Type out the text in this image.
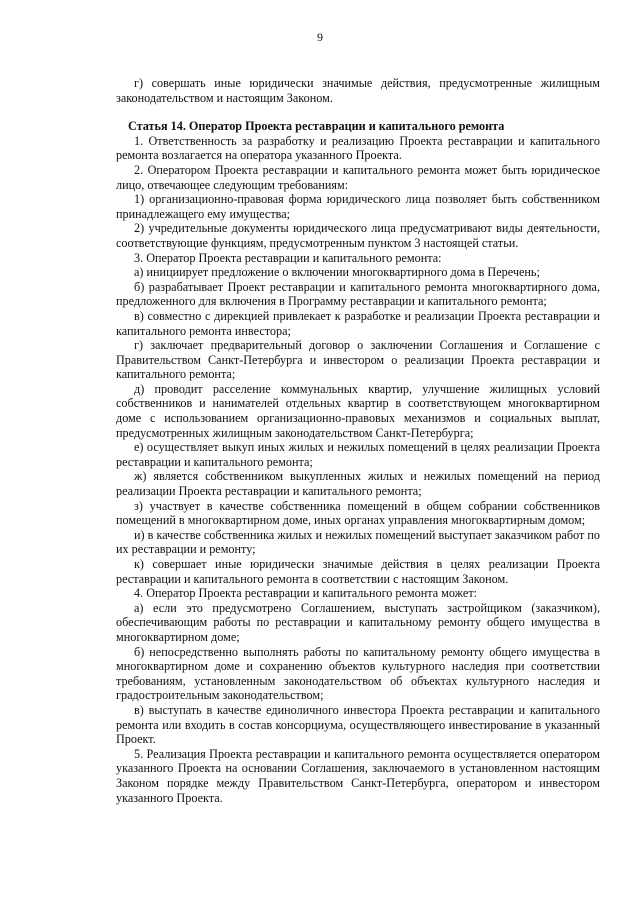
9

г) совершать иные юридически значимые действия, предусмотренные жилищным законодательством и настоящим Законом.

Статья 14. Оператор Проекта реставрации и капитального ремонта

1. Ответственность за разработку и реализацию Проекта реставрации и капитального ремонта возлагается на оператора указанного Проекта.

2. Оператором Проекта реставрации и капитального ремонта может быть юридическое лицо, отвечающее следующим требованиям:

1) организационно-правовая форма юридического лица позволяет быть собственником принадлежащего ему имущества;

2) учредительные документы юридического лица предусматривают виды деятельности, соответствующие функциям, предусмотренным пунктом 3 настоящей статьи.

3. Оператор Проекта реставрации и капитального ремонта:

а) инициирует предложение о включении многоквартирного дома в Перечень;

б) разрабатывает Проект реставрации и капитального ремонта многоквартирного дома, предложенного для включения в Программу реставрации и капитального ремонта;

в) совместно с дирекцией привлекает к разработке и реализации Проекта реставрации и капитального ремонта инвестора;

г) заключает предварительный договор о заключении Соглашения и Соглашение с Правительством Санкт-Петербурга и инвестором о реализации Проекта реставрации и капитального ремонта;

д) проводит расселение коммунальных квартир, улучшение жилищных условий собственников и нанимателей отдельных квартир в соответствующем многоквартирном доме с использованием организационно-правовых механизмов и социальных выплат, предусмотренных жилищным законодательством Санкт-Петербурга;

е) осуществляет выкуп иных жилых и нежилых помещений в целях реализации Проекта реставрации и капитального ремонта;

ж) является собственником выкупленных жилых и нежилых помещений на период реализации Проекта реставрации и капитального ремонта;

з) участвует в качестве собственника помещений в общем собрании собственников помещений в многоквартирном доме, иных органах управления многоквартирным домом;

и) в качестве собственника жилых и нежилых помещений выступает заказчиком работ по их реставрации и ремонту;

к) совершает иные юридически значимые действия в целях реализации Проекта реставрации и капитального ремонта в соответствии с настоящим Законом.

4. Оператор Проекта реставрации и капитального ремонта может:

а) если это предусмотрено Соглашением, выступать застройщиком (заказчиком), обеспечивающим работы по реставрации и капитальному ремонту общего имущества в многоквартирном доме;

б) непосредственно выполнять работы по капитальному ремонту общего имущества в многоквартирном доме и сохранению объектов культурного наследия при соответствии требованиям, установленным законодательством об объектах культурного наследия и градостроительным законодательством;

в) выступать в качестве единоличного инвестора Проекта реставрации и капитального ремонта или входить в состав консорциума, осуществляющего инвестирование в указанный Проект.

5. Реализация Проекта реставрации и капитального ремонта осуществляется оператором указанного Проекта на основании Соглашения, заключаемого в установленном настоящим Законом порядке между Правительством Санкт-Петербурга, оператором и инвестором указанного Проекта.
